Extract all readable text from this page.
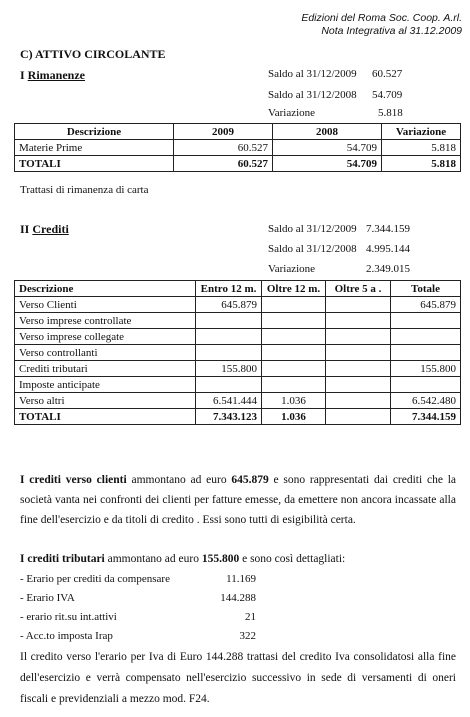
Edizioni del Roma Soc. Coop. A.rl.
Nota Integrativa al 31.12.2009
C) ATTIVO CIRCOLANTE
I Rimanenze	Saldo al 31/12/2009 60.527
Saldo al 31/12/2008 54.709
Variazione	5.818
Descrizione	2009	2008	Variazione
Materie Prime	60.527	54.709	5.818
TOTALI	60.527	54.709	5.818
Trattasi di rimanenza di carta
II Crediti	Saldo al 31/12/2009 7.344.159
Saldo al 31/12/2008 4.995.144
Variazione	2.349.015
Descrizione	Entro 12 m.	Oltre 12 m.	Oltre 5 a .	Totale
Verso Clienti	645.879			645.879
Verso imprese controllate				
Verso imprese collegate				
Verso controllanti				
Crediti tributari	155.800			155.800
Imposte anticipate				
Verso altri	6.541.444	1.036		6.542.480
TOTALI	7.343.123	1.036		7.344.159

I crediti verso clienti ammontano ad euro 645.879 e sono rappresentati dai crediti che la società vanta nei confronti dei clienti per fatture emesse, da emettere non ancora incassate alla fine dell'esercizio e da titoli di credito . Essi sono tutti di esigibilità certa.

I crediti tributari ammontano ad euro 155.800 e sono così dettagliati:

- Erario per crediti da compensare	11.169
- Erario IVA	144.288
- erario rit.su int.attivi	21
- Acc.to imposta Irap	322

Il credito verso l'erario per Iva di Euro 144.288 trattasi del credito Iva consolidatosi alla fine dell'esercizio e verrà compensato nell'esercizio successivo in sede di versamenti di oneri fiscali e previdenziali a mezzo mod. F24.
